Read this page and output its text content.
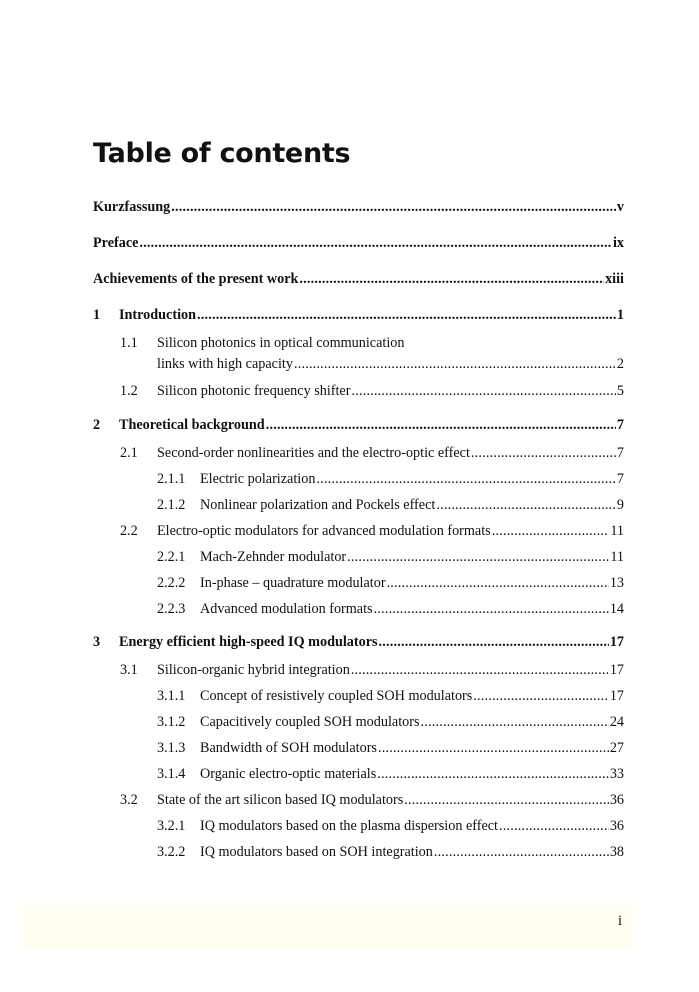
Table of contents
Kurzfassung .....	v
Preface .....	ix
Achievements of the present work .....	xiii
1	Introduction .....	1
1.1 Silicon photonics in optical communication
links with high capacity .....	2
1.2	Silicon photonic frequency shifter .....	5
2	Theoretical background .....	7
2.1	Second-order nonlinearities and the electro-optic effect .....	7
2.1.1	Electric polarization .....	7
2.1.2	Nonlinear polarization and Pockels effect .....	9
2.2	Electro-optic modulators for advanced modulation formats .....	11
2.2.1	Mach-Zehnder modulator .....	11
2.2.2	In-phase – quadrature modulator .....	13
2.2.3	Advanced modulation formats .....	14
3	Energy efficient high-speed IQ modulators .....	17
3.1	Silicon-organic hybrid integration .....	17
3.1.1	Concept of resistively coupled SOH modulators .....	17
3.1.2	Capacitively coupled SOH modulators .....	24
3.1.3	Bandwidth of SOH modulators .....	27
3.1.4	Organic electro-optic materials .....	33
3.2	State of the art silicon based IQ modulators .....	36
3.2.1	IQ modulators based on the plasma dispersion effect .....	36
3.2.2	IQ modulators based on SOH integration .....	38
i
